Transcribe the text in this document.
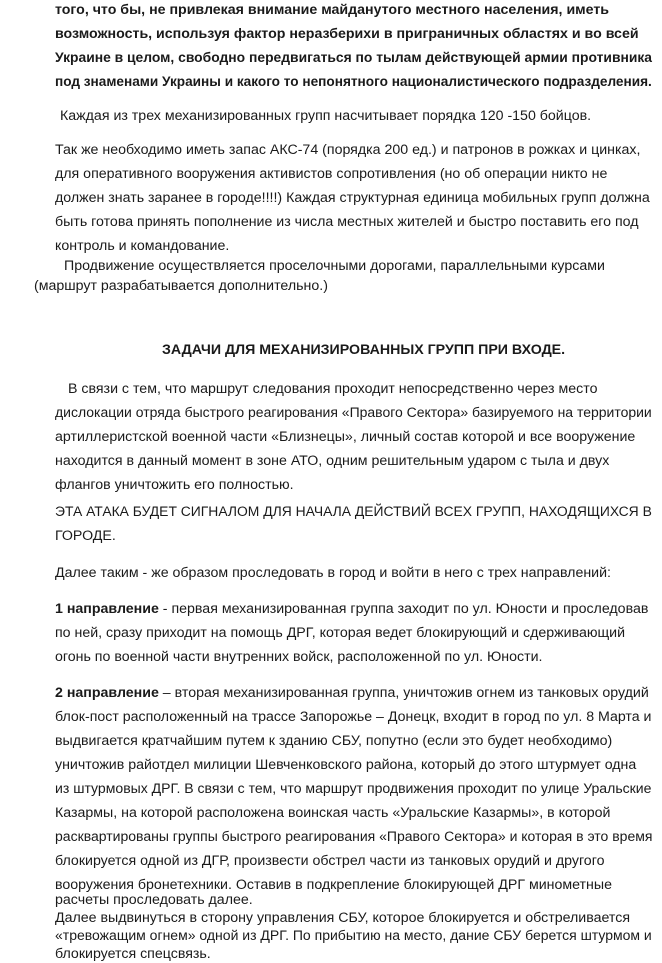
того, что бы, не привлекая внимание майданутого местного населения, иметь
возможность, используя фактор неразберихи в приграничных областях и во всей
Украине в целом, свободно передвигаться по тылам действующей армии противника
под знаменами Украины и какого то непонятного националистического подразделения.
Каждая из трех механизированных групп насчитывает порядка 120 -150 бойцов.
Так же необходимо иметь запас АКС-74 (порядка 200 ед.) и патронов в рожках и цинках,
для оперативного вооружения активистов сопротивления (но об операции никто не
должен знать заранее в городе!!!!) Каждая структурная единица мобильных групп должна
быть готова принять пополнение из числа местных жителей и быстро поставить его под
контроль и командование.
Продвижение осуществляется проселочными дорогами, параллельными курсами
(маршрут разрабатывается дополнительно.)
ЗАДАЧИ ДЛЯ МЕХАНИЗИРОВАННЫХ ГРУПП ПРИ ВХОДЕ.
В связи с тем, что маршрут следования проходит непосредственно через место
дислокации отряда быстрого реагирования «Правого Сектора» базируемого на территории
артиллеристской военной части «Близнецы», личный состав которой и все вооружение
находится в данный момент в зоне АТО, одним решительным ударом с тыла и двух
флангов уничтожить его полностью.
ЭТА АТАКА БУДЕТ СИГНАЛОМ ДЛЯ НАЧАЛА ДЕЙСТВИЙ ВСЕХ ГРУПП, НАХОДЯЩИХСЯ В
ГОРОДЕ.
Далее таким - же образом проследовать в город и войти в него с трех направлений:
1 направление - первая механизированная группа заходит по ул. Юности и проследовав
по ней, сразу приходит на помощь ДРГ, которая ведет блокирующий и сдерживающий
огонь по военной части внутренних войск, расположенной по ул. Юности.
2 направление – вторая механизированная группа, уничтожив огнем из танковых орудий
блок-пост расположенный на трассе Запорожье – Донецк, входит в город по ул. 8 Марта и
выдвигается кратчайшим путем к зданию СБУ, попутно (если это будет необходимо)
уничтожив райотдел милиции Шевченковского района, который до этого штурмует одна
из штурмовых ДРГ. В связи с тем, что маршрут продвижения проходит по улице Уральские
Казармы, на которой расположена воинская часть «Уральские Казармы», в которой
расквартированы группы быстрого реагирования «Правого Сектора» и которая в это время
блокируется одной из ДГР, произвести обстрел части из танковых орудий и другого
вооружения бронетехники. Оставив в подкрепление блокирующей ДРГ минометные
расчеты проследовать далее.
Далее выдвинуться в сторону управления СБУ, которое блокируется и обстреливается
«тревожащим огнем» одной из ДРГ. По прибытию на место, дание СБУ берется штурмом и
блокируется спецсвязь.
